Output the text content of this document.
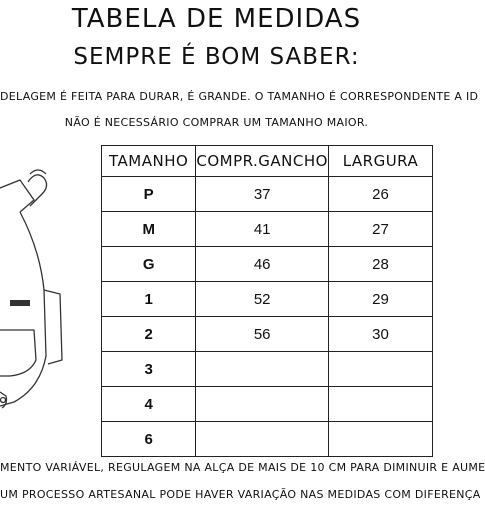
TABELA DE MEDIDAS
SEMPRE É BOM SABER:
DELAGEM É FEITA PARA DURAR, É GRANDE. O TAMANHO É CORRESPONDENTE A ID
NÃO É NECESSÁRIO COMPRAR UM TAMANHO MAIOR.
TAMANHO	COMPR.GANCHO	LARGURA
P	37	26
M	41	27
G	46	28
1	52	29
2	56	30
3		
4		
6		
MENTO VARIÁVEL, REGULAGEM NA ALÇA DE MAIS DE 10 CM PARA DIMINUIR E AUME
UM PROCESSO ARTESANAL PODE HAVER VARIAÇÃO NAS MEDIDAS COM DIFERENÇA
